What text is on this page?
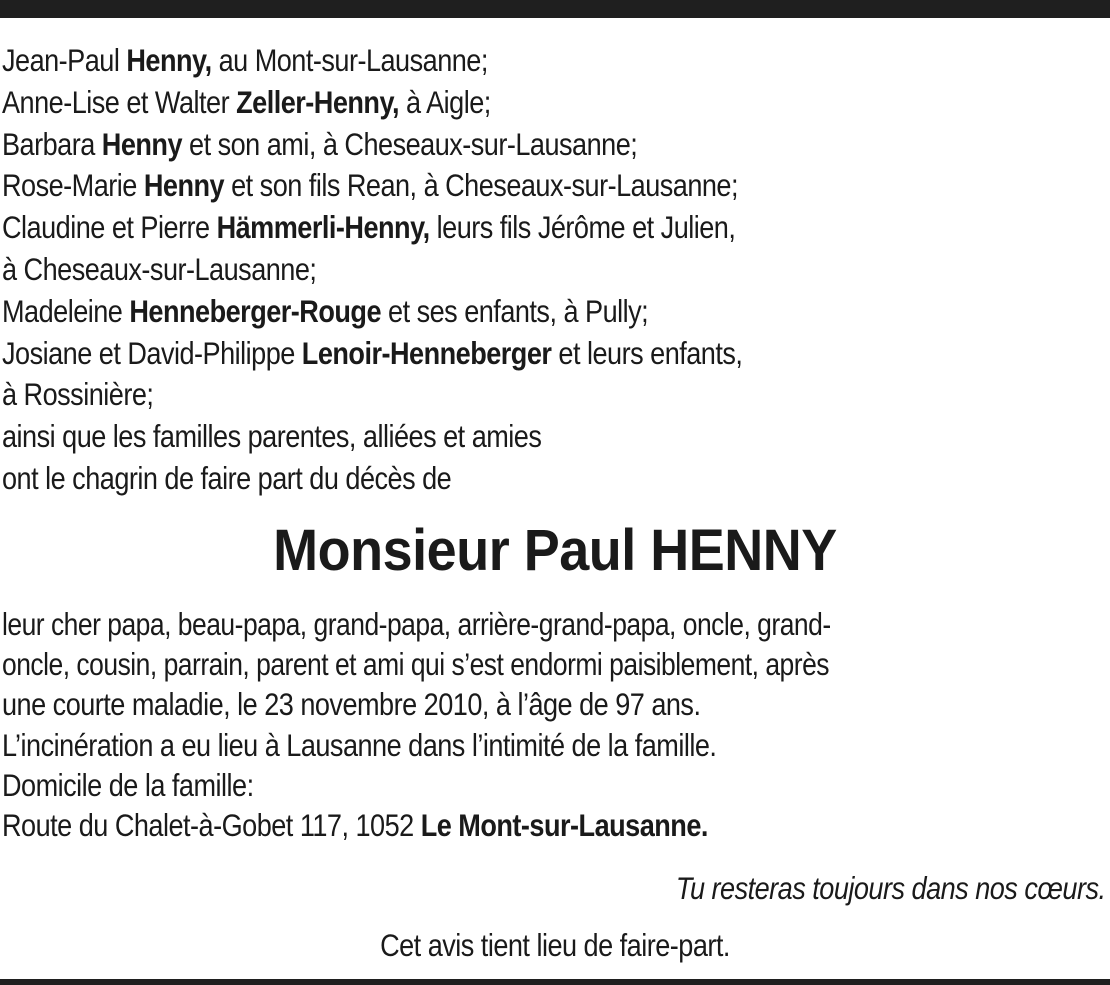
Jean-Paul Henny, au Mont-sur-Lausanne;
Anne-Lise et Walter Zeller-Henny, à Aigle;
Barbara Henny et son ami, à Cheseaux-sur-Lausanne;
Rose-Marie Henny et son fils Rean, à Cheseaux-sur-Lausanne;
Claudine et Pierre Hämmerli-Henny, leurs fils Jérôme et Julien,
à Cheseaux-sur-Lausanne;
Madeleine Henneberger-Rouge et ses enfants, à Pully;
Josiane et David-Philippe Lenoir-Henneberger et leurs enfants,
à Rossinière;
ainsi que les familles parentes, alliées et amies
ont le chagrin de faire part du décès de
Monsieur Paul HENNY
leur cher papa, beau-papa, grand-papa, arrière-grand-papa, oncle, grand-
oncle, cousin, parrain, parent et ami qui s’est endormi paisiblement, après
une courte maladie, le 23 novembre 2010, à l’âge de 97 ans.
L’incinération a eu lieu à Lausanne dans l’intimité de la famille.
Domicile de la famille:
Route du Chalet-à-Gobet 117, 1052 Le Mont-sur-Lausanne.
Tu resteras toujours dans nos cœurs.
Cet avis tient lieu de faire-part.
